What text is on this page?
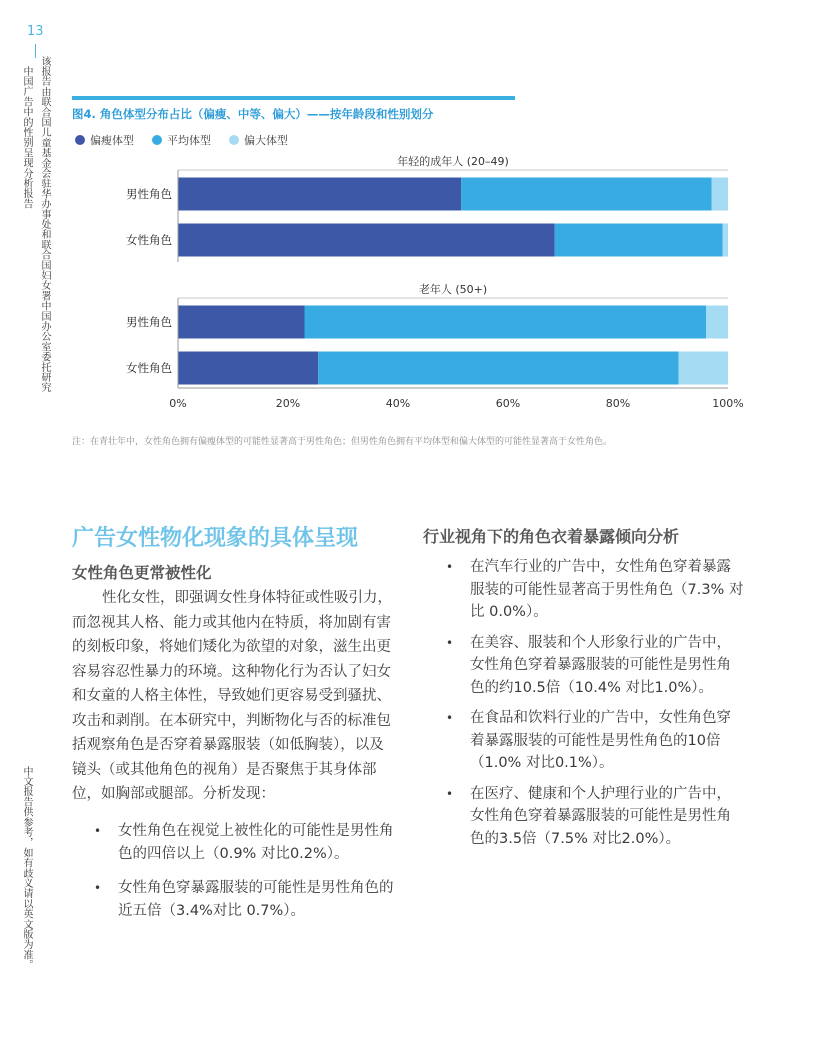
13
中国广告中的性别呈现分析报告 该报告由联合国儿童基金会驻华办事处和联合国妇女署中国办公室委托研究
中文报告供参考，如有歧义请以英文版为准。
图4. 角色体型分布占比（偏瘦、中等、偏大）——按年龄段和性别划分
偏瘦体型	平均体型	偏大体型
年轻的成年人 (20–49)
男性角色
女性角色
老年人 (50+)
男性角色
女性角色
0%	20%	40%	60%	80%	100%
注：在青壮年中，女性角色拥有偏瘦体型的可能性显著高于男性角色；但男性角色拥有平均体型和偏大体型的可能性显著高于女性角色。
广告女性物化现象的具体呈现
女性角色更常被性化
性化女性，即强调女性身体特征或性吸引力，而忽视其人格、能力或其他内在特质，将加剧有害的刻板印象，将她们矮化为欲望的对象，滋生出更容易容忍性暴力的环境。这种物化行为否认了妇女和女童的人格主体性，导致她们更容易受到骚扰、攻击和剥削。在本研究中，判断物化与否的标准包括观察角色是否穿着暴露服装（如低胸装），以及镜头（或其他角色的视角）是否聚焦于其身体部位，如胸部或腿部。分析发现：
• 女性角色在视觉上被性化的可能性是男性角色的四倍以上（0.9% 对比0.2%）。
• 女性角色穿暴露服装的可能性是男性角色的近五倍（3.4%对比 0.7%）。
行业视角下的角色衣着暴露倾向分析
• 在汽车行业的广告中，女性角色穿着暴露服装的可能性显著高于男性角色（7.3% 对比 0.0%）。
• 在美容、服装和个人形象行业的广告中，女性角色穿着暴露服装的可能性是男性角色的约10.5倍（10.4% 对比1.0%）。
• 在食品和饮料行业的广告中，女性角色穿着暴露服装的可能性是男性角色的10倍（1.0% 对比0.1%）。
• 在医疗、健康和个人护理行业的广告中，女性角色穿着暴露服装的可能性是男性角色的3.5倍（7.5% 对比2.0%）。
